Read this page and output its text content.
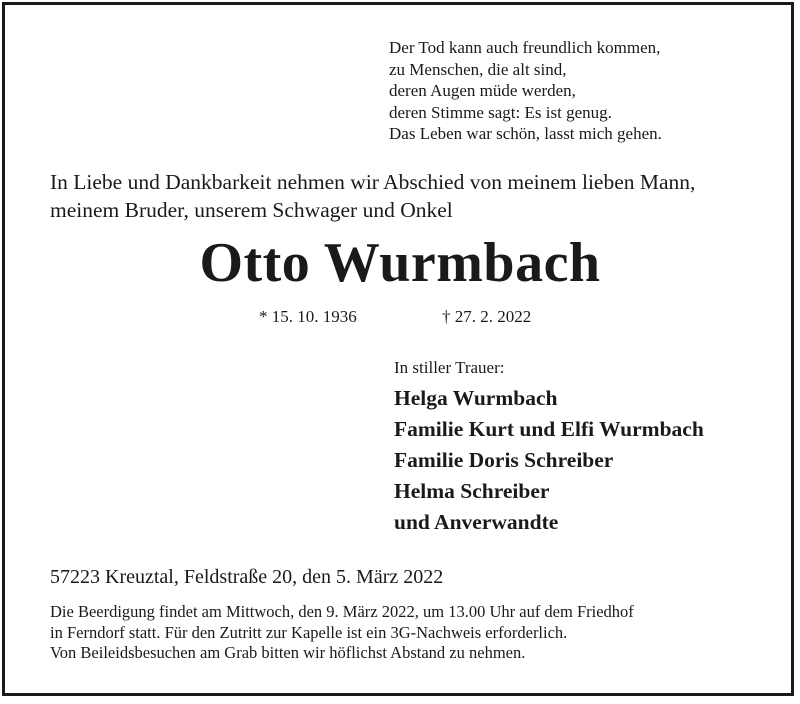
Der Tod kann auch freundlich kommen,
zu Menschen, die alt sind,
deren Augen müde werden,
deren Stimme sagt: Es ist genug.
Das Leben war schön, lasst mich gehen.
In Liebe und Dankbarkeit nehmen wir Abschied von meinem lieben Mann,
meinem Bruder, unserem Schwager und Onkel
Otto Wurmbach
* 15. 10. 1936	† 27. 2. 2022
In stiller Trauer:
Helga Wurmbach
Familie Kurt und Elfi Wurmbach
Familie Doris Schreiber
Helma Schreiber
und Anverwandte
57223 Kreuztal, Feldstraße 20, den 5. März 2022
Die Beerdigung findet am Mittwoch, den 9. März 2022, um 13.00 Uhr auf dem Friedhof
in Ferndorf statt. Für den Zutritt zur Kapelle ist ein 3G-Nachweis erforderlich.
Von Beileidsbesuchen am Grab bitten wir höflichst Abstand zu nehmen.
